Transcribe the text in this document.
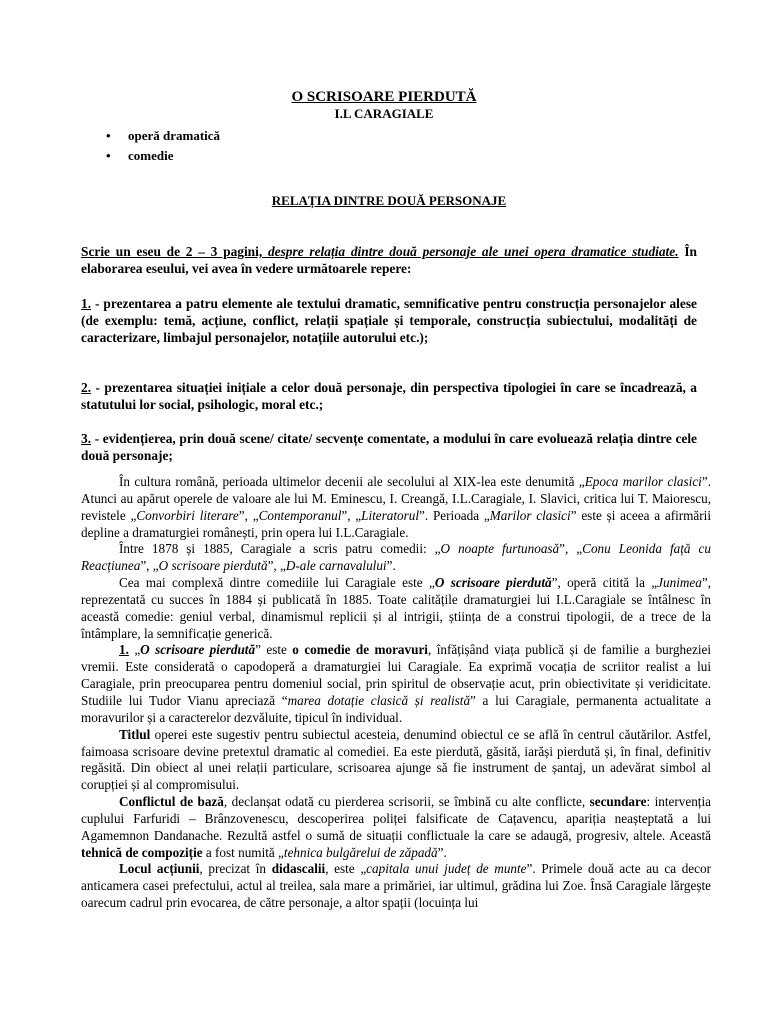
O SCRISOARE PIERDUTĂ
I.L CARAGIALE
• operă dramatică
• comedie
RELAȚIA DINTRE DOUĂ PERSONAJE
Scrie un eseu de 2 – 3 pagini, despre relația dintre două personaje ale unei opera dramatice studiate. În elaborarea eseului, vei avea în vedere următoarele repere:
1. - prezentarea a patru elemente ale textului dramatic, semnificative pentru construcția personajelor alese (de exemplu: temă, acțiune, conflict, relații spațiale și temporale, construcția subiectului, modalități de caracterizare, limbajul personajelor, notațiile autorului etc.);
2. - prezentarea situației inițiale a celor două personaje, din perspectiva tipologiei în care se încadrează, a statutului lor social, psihologic, moral etc.;
3. - evidențierea, prin două scene/ citate/ secvențe comentate, a modului în care evoluează relația dintre cele două personaje;

În cultura română, perioada ultimelor decenii ale secolului al XIX-lea este denumită „Epoca marilor clasici”. Atunci au apărut operele de valoare ale lui M. Eminescu, I. Creangă, I.L.Caragiale, I. Slavici, critica lui T. Maiorescu, revistele „Convorbiri literare”, „Contemporanul”, „Literatorul”. Perioada „Marilor clasici” este și aceea a afirmării depline a dramaturgiei românești, prin opera lui I.L.Caragiale.

Între 1878 și 1885, Caragiale a scris patru comedii: „O noapte furtunoasă”, „Conu Leonida față cu Reacțiunea”, „O scrisoare pierdută”, „D-ale carnavalului”.

Cea mai complexă dintre comediile lui Caragiale este „O scrisoare pierdută”, operă citită la „Junimea”, reprezentată cu succes în 1884 și publicată în 1885. Toate calitățile dramaturgiei lui I.L.Caragiale se întâlnesc în această comedie: geniul verbal, dinamismul replicii și al intrigii, știința de a construi tipologii, de a trece de la întâmplare, la semnificație generică.

1. „O scrisoare pierdută” este o comedie de moravuri, înfățișând viața publică și de familie a burgheziei vremii. Este considerată o capodoperă a dramaturgiei lui Caragiale. Ea exprimă vocația de scriitor realist a lui Caragiale, prin preocuparea pentru domeniul social, prin spiritul de observație acut, prin obiectivitate și veridicitate. Studiile lui Tudor Vianu apreciază “marea dotație clasică și realistă” a lui Caragiale, permanenta actualitate a moravurilor și a caracterelor dezvăluite, tipicul în individual.

Titlul operei este sugestiv pentru subiectul acesteia, denumind obiectul ce se află în centrul căutărilor. Astfel, faimoasa scrisoare devine pretextul dramatic al comediei. Ea este pierdută, găsită, iarăși pierdută și, în final, definitiv regăsită. Din obiect al unei relații particulare, scrisoarea ajunge să fie instrument de șantaj, un adevărat simbol al corupției și al compromisului.

Conflictul de bază, declanșat odată cu pierderea scrisorii, se îmbină cu alte conflicte, secundare: intervenția cuplului Farfuridi – Brânzovenescu, descoperirea poliței falsificate de Cațavencu, apariția neașteptată a lui Agamemnon Dandanache. Rezultă astfel o sumă de situații conflictuale la care se adaugă, progresiv, altele. Această tehnică de compoziție a fost numită „tehnica bulgărelui de zăpadă”.

Locul acțiunii, precizat în didascalii, este „capitala unui județ de munte”. Primele două acte au ca decor anticamera casei prefectului, actul al treilea, sala mare a primăriei, iar ultimul, grădina lui Zoe. Însă Caragiale lărgește oarecum cadrul prin evocarea, de către personaje, a altor spații (locuința lui
